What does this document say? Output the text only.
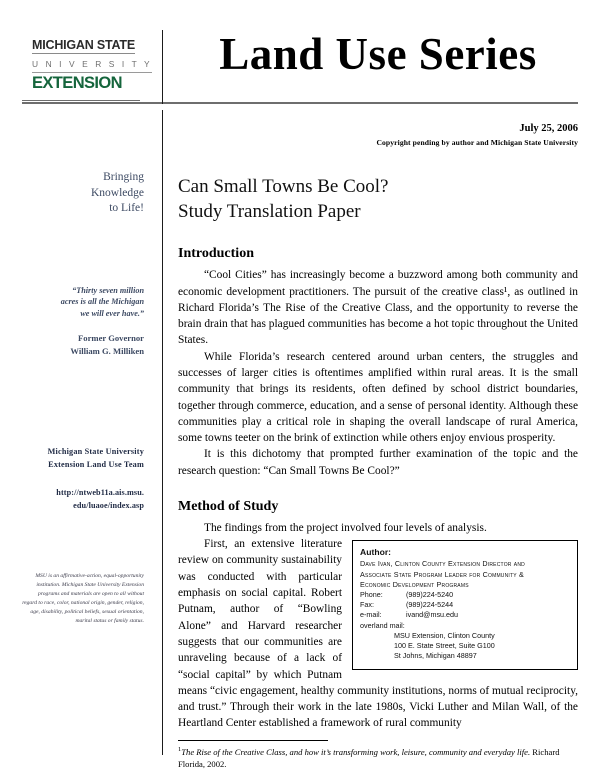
MICHIGAN STATE
U N I V E R S I T Y
EXTENSION
Land Use Series
Bringing
Knowledge
to Life!
“Thirty seven million
acres is all the Michigan
we will ever have.”
Former Governor
William G. Milliken
Michigan State University
Extension Land Use Team
http://ntweb11a.ais.msu.
edu/luaoe/index.asp
MSU is an affirmative-action, equal-opportunity institution. Michigan State University Extension programs and materials are open to all without regard to race, color, national origin, gender, religion, age, disability, political beliefs, sexual orientation, marital status or family status.
July 25, 2006
Copyright pending by author and Michigan State University
Can Small Towns Be Cool?
Study Translation Paper
Introduction

“Cool Cities” has increasingly become a buzzword among both community and economic development practitioners. The pursuit of the creative class¹, as outlined in Richard Florida’s The Rise of the Creative Class, and the opportunity to reverse the brain drain that has plagued communities has become a hot topic throughout the United States.

While Florida’s research centered around urban centers, the struggles and successes of larger cities is oftentimes amplified within rural areas. It is the small community that brings its residents, often defined by school district boundaries, together through commerce, education, and a sense of personal identity. Although these communities play a critical role in shaping the overall landscape of rural America, some towns teeter on the brink of extinction while others enjoy envious prosperity.

It is this dichotomy that prompted further examination of the topic and the research question: “Can Small Towns Be Cool?”

Method of Study

The findings from the project involved four levels of analysis.

Author:
Dave Ivan, Clinton County Extension Director and
Associate State Program Leader for Community &
Economic Development Programs
Phone:	(989)224-5240
Fax:	(989)224-5244
e-mail:	ivand@msu.edu
overland mail:
MSU Extension, Clinton County
100 E. State Street, Suite G100
St Johns, Michigan 48897

First, an extensive literature review on community sustainability was conducted with particular emphasis on social capital. Robert Putnam, author of “Bowling Alone” and Harvard researcher suggests that our communities are unraveling because of a lack of “social capital” by which Putnam means “civic engagement, healthy community institutions, norms of mutual reciprocity, and trust.” Through their work in the late 1980s, Vicki Luther and Milan Wall, of the Heartland Center established a framework of rural community

$^1$The Rise of the Creative Class, and how it’s transforming work, leisure, community and everyday life. Richard Florida, 2002.
